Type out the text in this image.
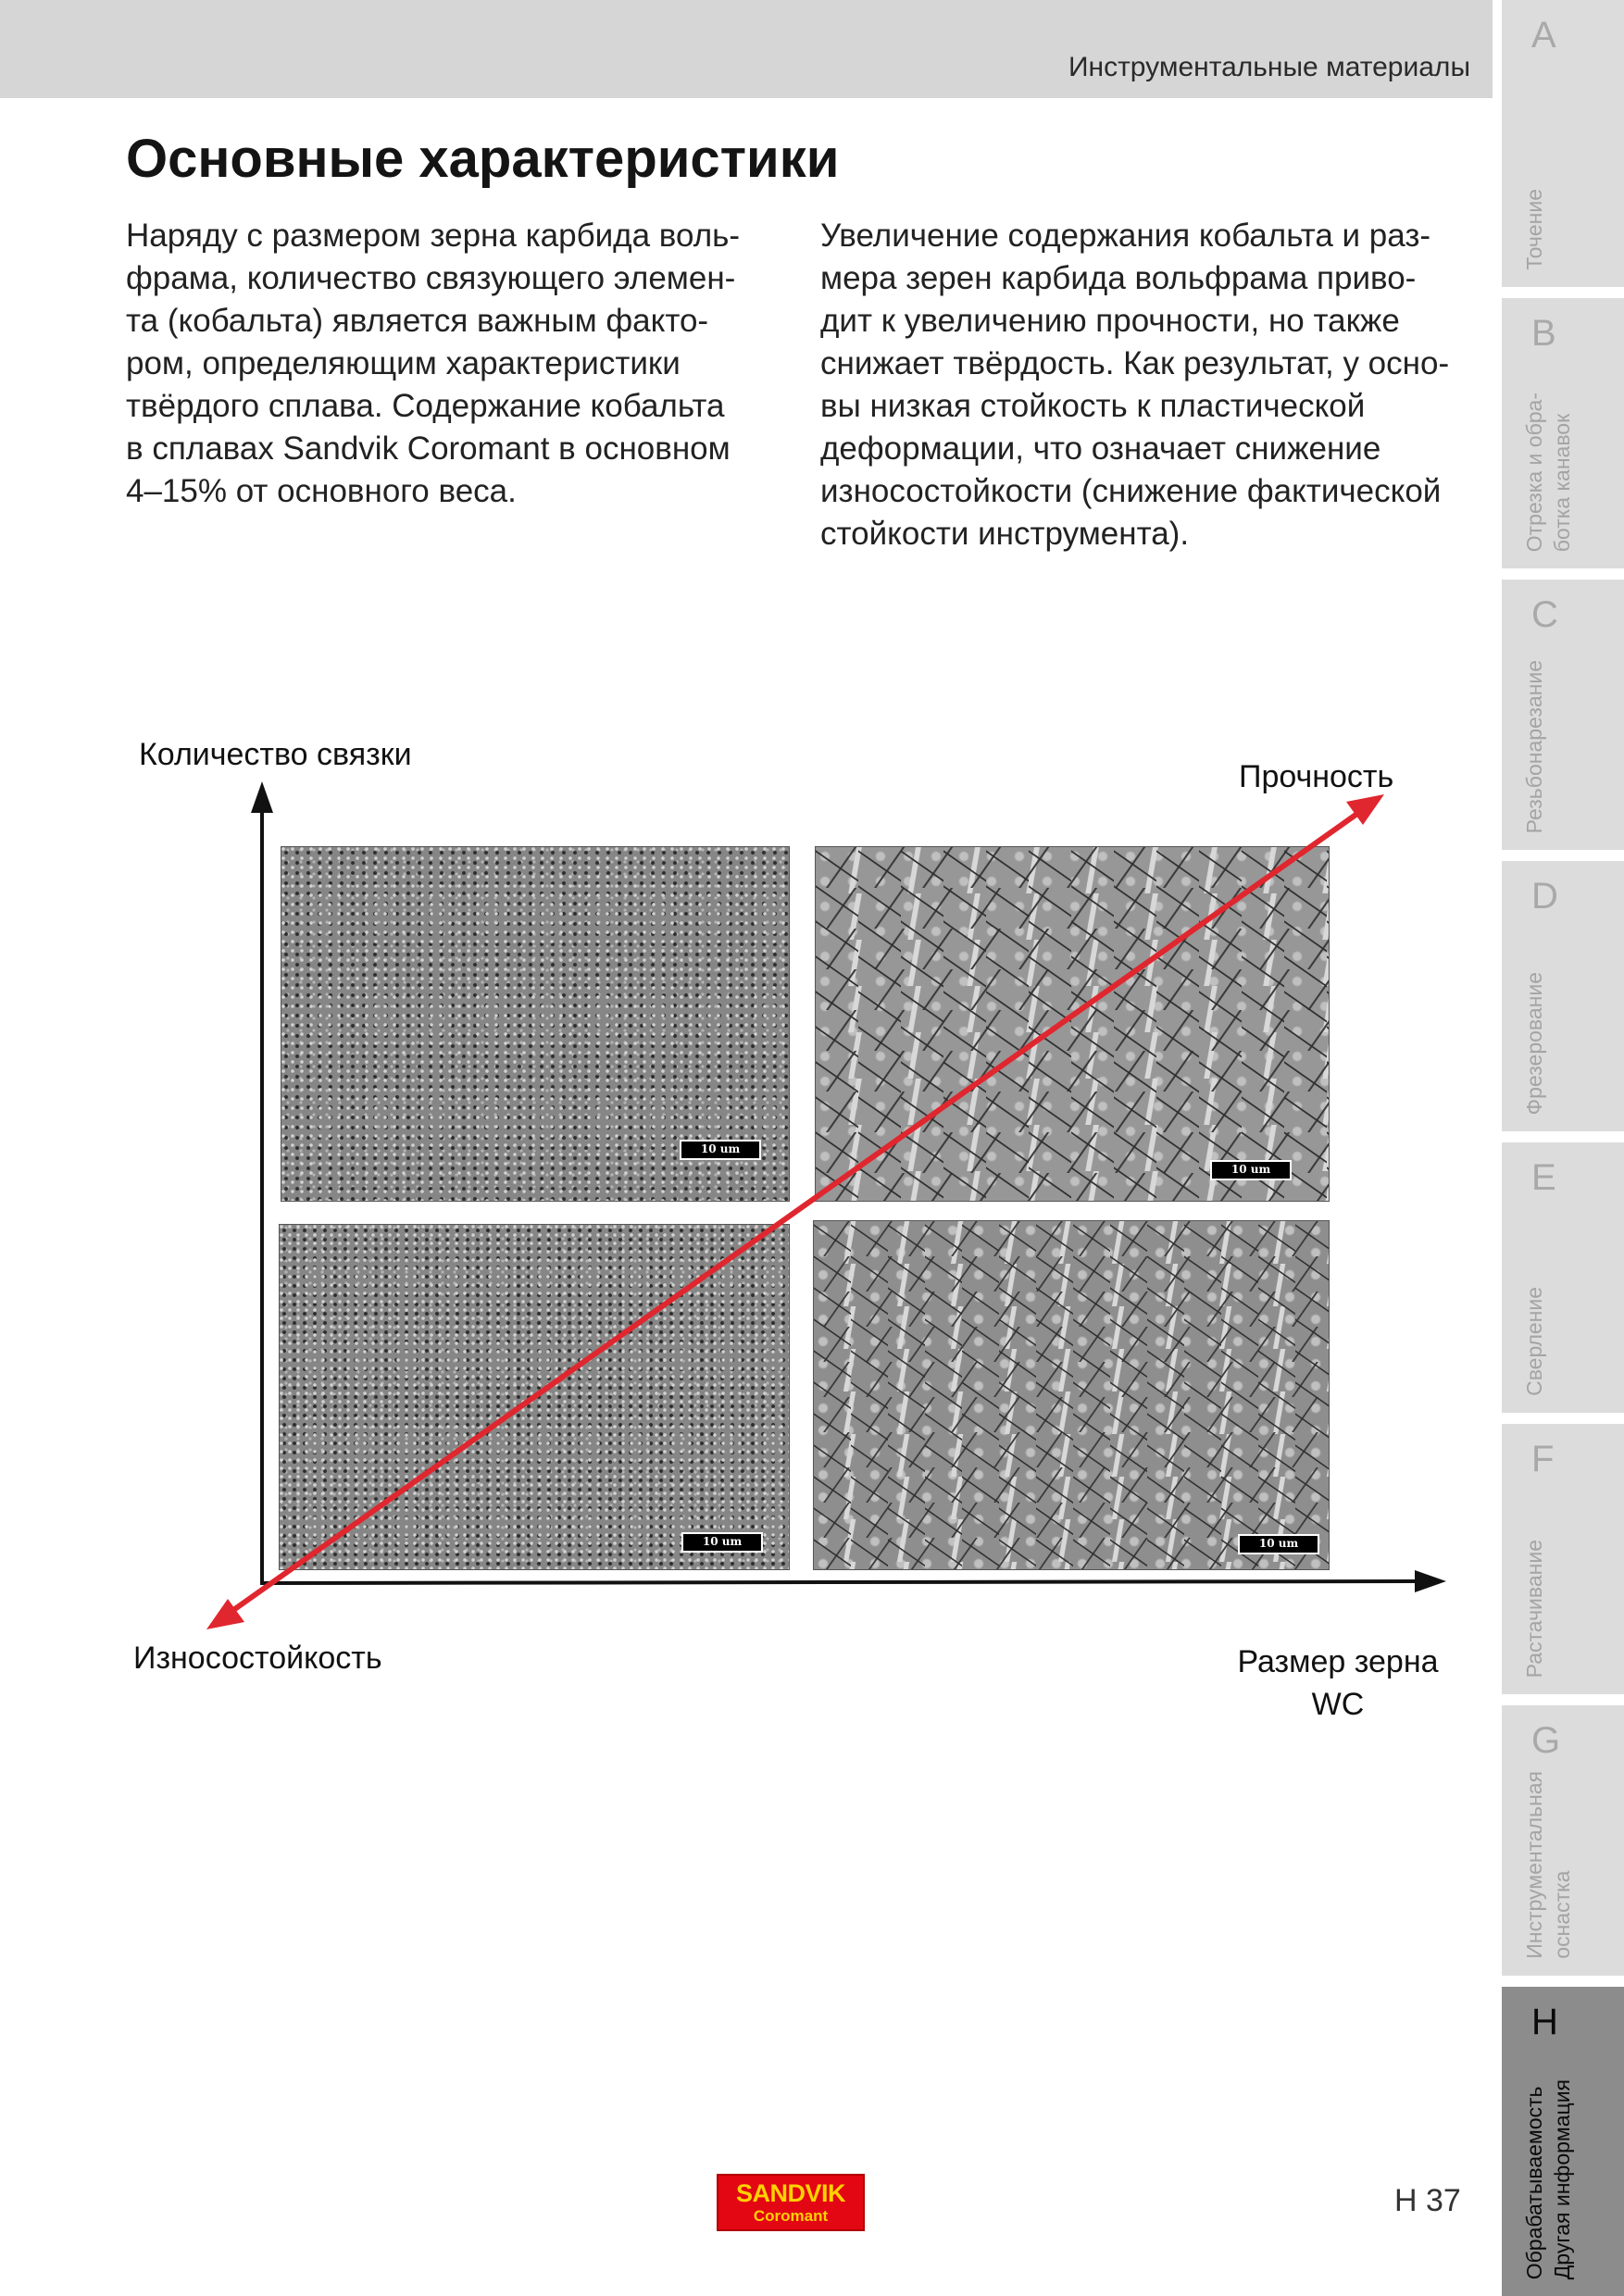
Инструментальные материалы
A
Точение
B
Отрезка и обра-
ботка канавок
C
Резьбонарезание
D
Фрезерование
E
Сверление
F
Растачивание
G
Инструментальная
оснастка
H
Обрабатываемость
Другая информация
Основные характеристики

Наряду с размером зерна карбида воль-
фрама, количество связующего элемен-
та (кобальта) является важным факто-
ром, определяющим характеристики
твёрдого сплава. Содержание кобальта
в сплавах Sandvik Coromant в основном
4–15% от основного веса.

Увеличение содержания кобальта и раз-
мера зерен карбида вольфрама приво-
дит к увеличению прочности, но также
снижает твёрдость. Как результат, у осно-
вы низкая стойкость к пластической
деформации, что означает снижение
износостойкости (снижение фактической
стойкости инструмента).

Количество связки
Прочность
Износостойкость	Размер зерна
WC
10 um
10 um
10 um	10 um
SANDVIK
Coromant	H 37
